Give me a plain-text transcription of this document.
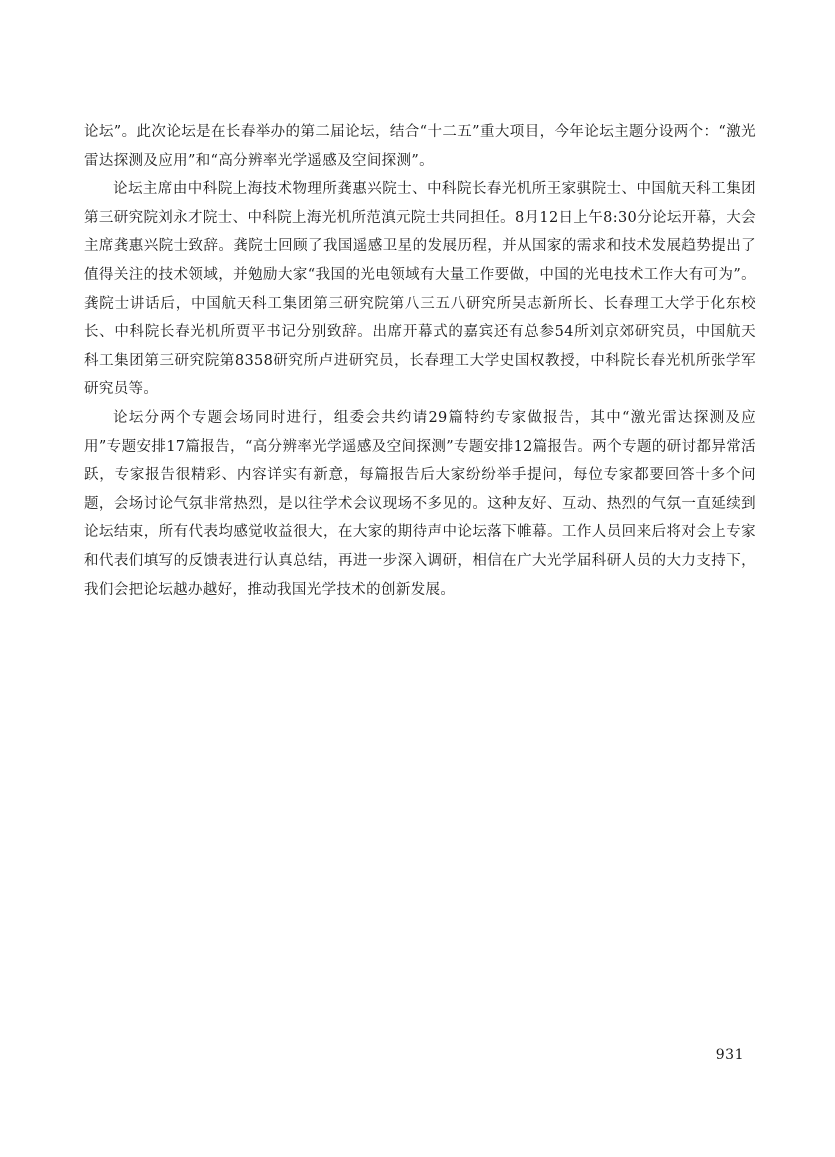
论坛”。此次论坛是在长春举办的第二届论坛，结合“十二五”重大项目，今年论坛主题分设两个：“激光雷达探测及应用”和“高分辨率光学遥感及空间探测”。

论坛主席由中科院上海技术物理所龚惠兴院士、中科院长春光机所王家骐院士、中国航天科工集团第三研究院刘永才院士、中科院上海光机所范滇元院士共同担任。8月12日上午8:30分论坛开幕，大会主席龚惠兴院士致辞。龚院士回顾了我国遥感卫星的发展历程，并从国家的需求和技术发展趋势提出了值得关注的技术领域，并勉励大家“我国的光电领域有大量工作要做，中国的光电技术工作大有可为”。龚院士讲话后，中国航天科工集团第三研究院第八三五八研究所吴志新所长、长春理工大学于化东校长、中科院长春光机所贾平书记分别致辞。出席开幕式的嘉宾还有总参54所刘京郊研究员，中国航天科工集团第三研究院第8358研究所卢进研究员，长春理工大学史国权教授，中科院长春光机所张学军研究员等。

论坛分两个专题会场同时进行，组委会共约请29篇特约专家做报告，其中“激光雷达探测及应用”专题安排17篇报告，“高分辨率光学遥感及空间探测”专题安排12篇报告。两个专题的研讨都异常活跃，专家报告很精彩、内容详实有新意，每篇报告后大家纷纷举手提问，每位专家都要回答十多个问题，会场讨论气氛非常热烈，是以往学术会议现场不多见的。这种友好、互动、热烈的气氛一直延续到论坛结束，所有代表均感觉收益很大，在大家的期待声中论坛落下帷幕。工作人员回来后将对会上专家和代表们填写的反馈表进行认真总结，再进一步深入调研，相信在广大光学届科研人员的大力支持下，我们会把论坛越办越好，推动我国光学技术的创新发展。

931
